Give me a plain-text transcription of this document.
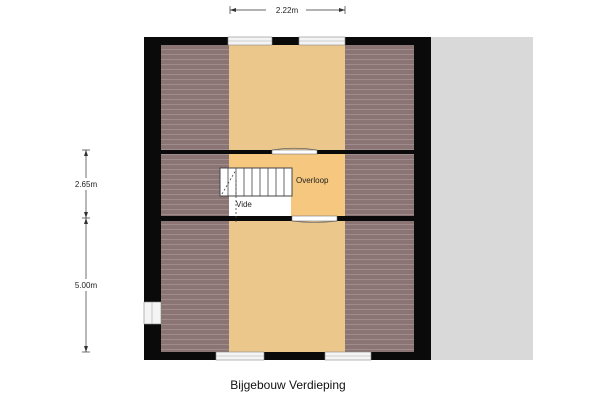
Overloop
Vide
2.22m
2.65m
5.00m
Bijgebouw Verdieping
